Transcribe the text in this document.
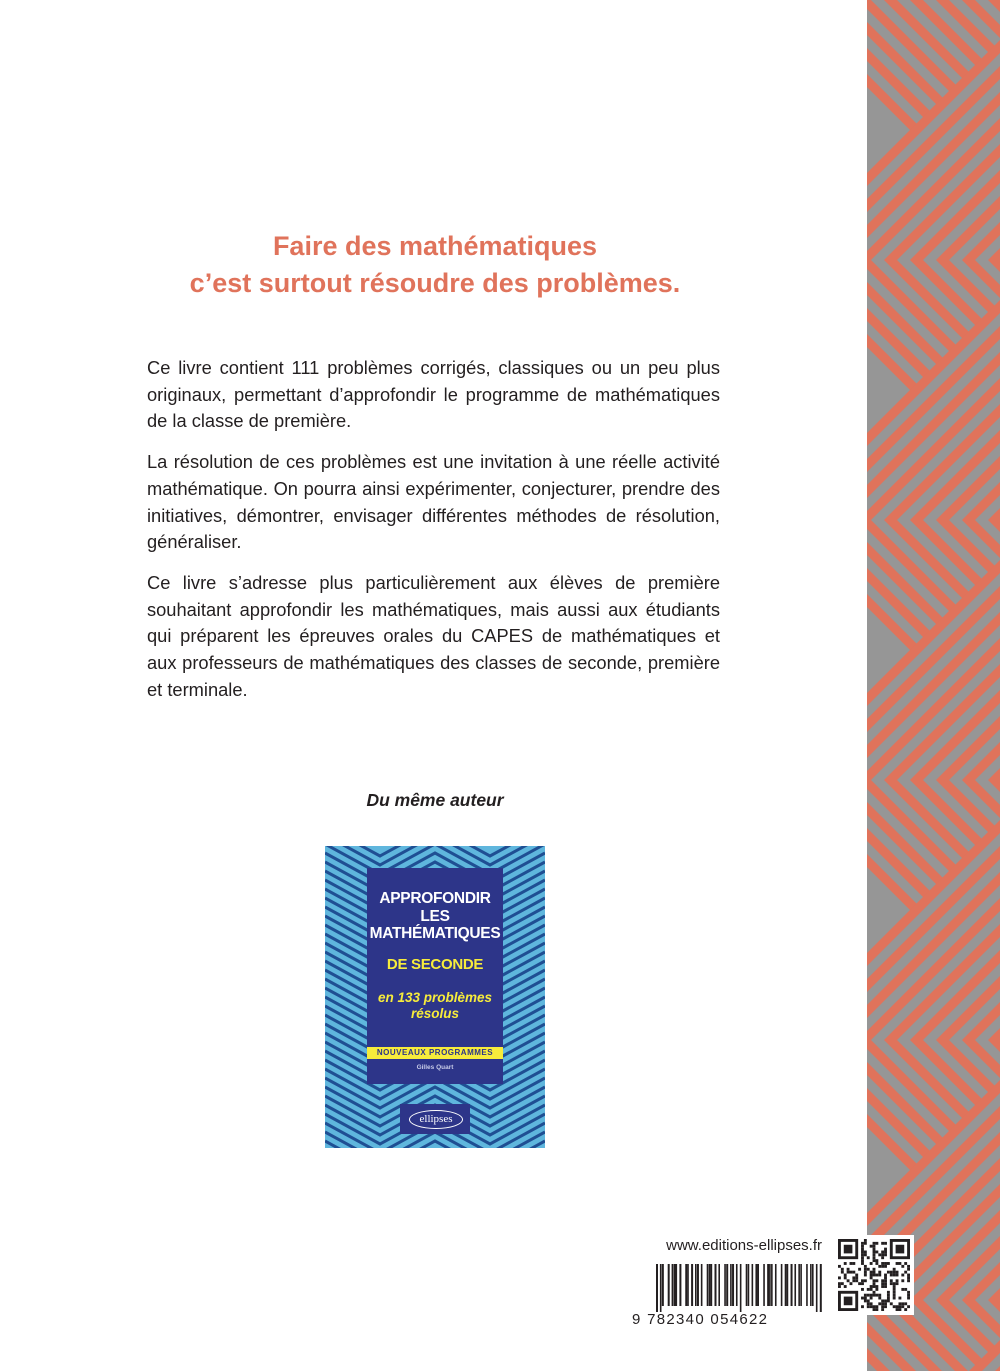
Faire des mathématiques
c’est surtout résoudre des problèmes.

Ce livre contient 111 problèmes corrigés, classiques ou un peu plus originaux, permettant d’approfondir le programme de mathématiques de la classe de première.

La résolution de ces problèmes est une invitation à une réelle activité mathématique. On pourra ainsi expérimenter, conjecturer, prendre des initiatives, démontrer, envisager différentes méthodes de résolution, généraliser.

Ce livre s’adresse plus particulièrement aux élèves de première souhaitant approfondir les mathématiques, mais aussi aux étudiants qui préparent les épreuves orales du CAPES de mathématiques et aux professeurs de mathématiques des classes de seconde, première et terminale.

Du même auteur
APPROFONDIR
LES
MATHÉMATIQUES
DE SECONDE
en 133 problèmes
résolus
NOUVEAUX PROGRAMMES
Gilles Quart
ellipses
www.editions-ellipses.fr
9 782340 054622
